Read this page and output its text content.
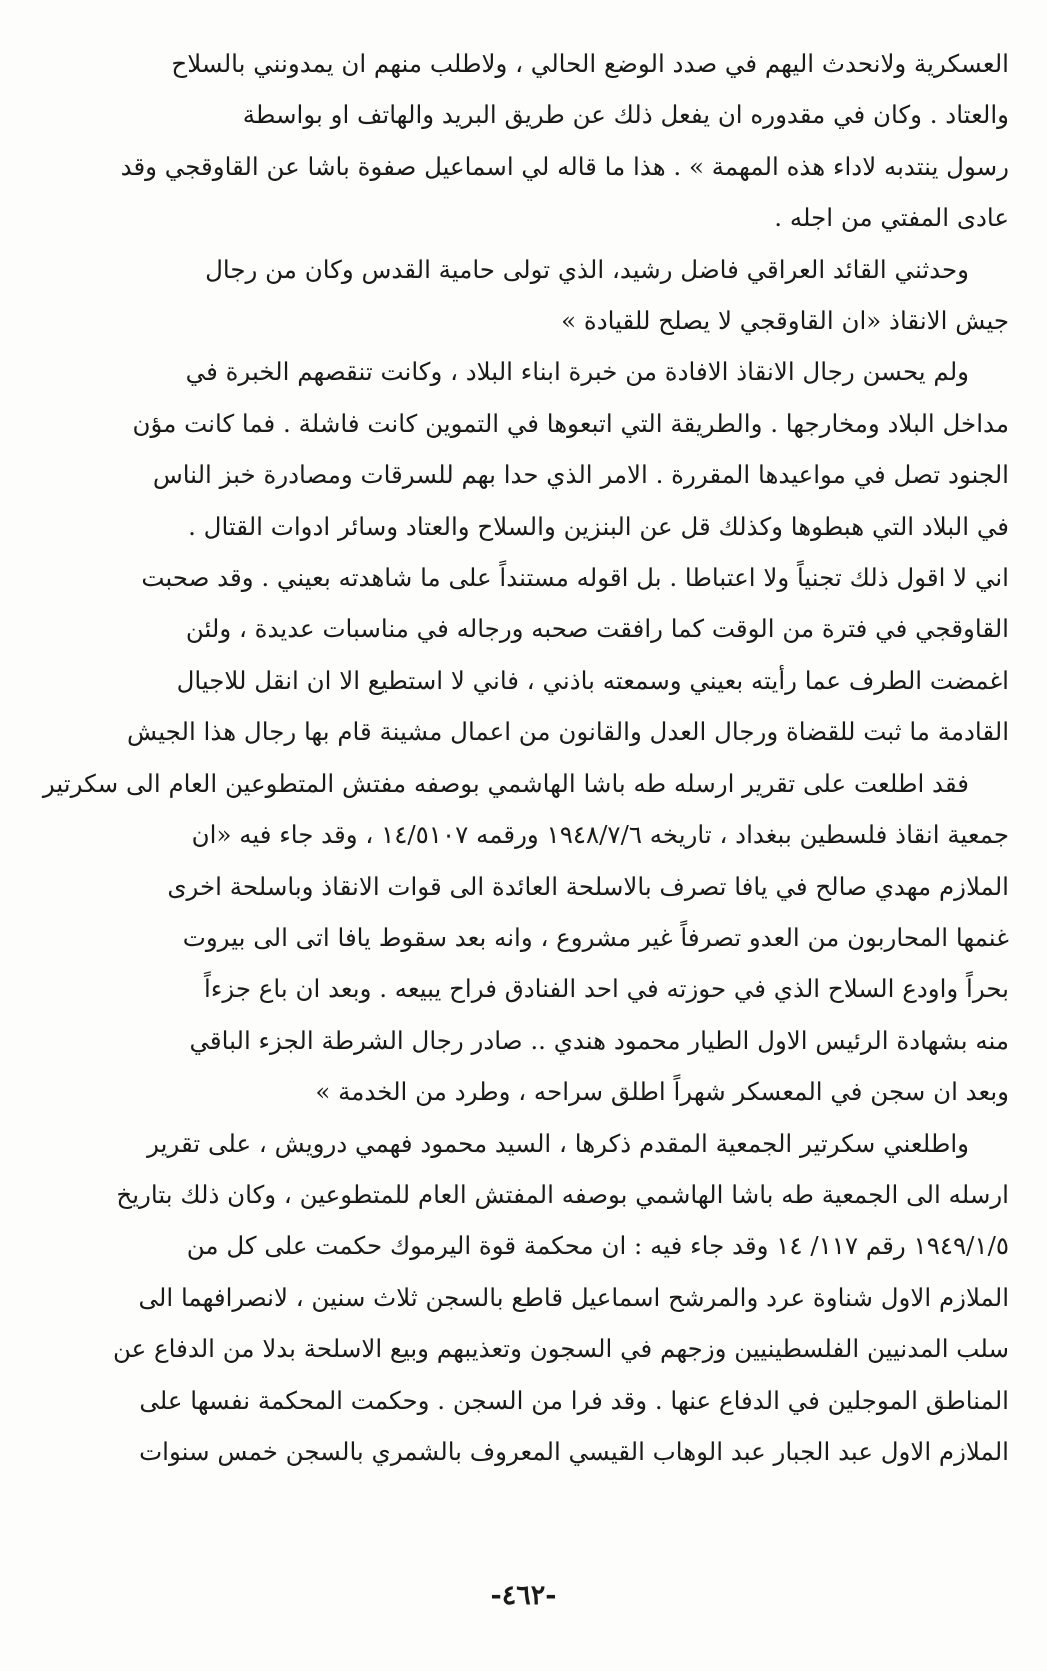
العسكرية ولانحدث اليهم في صدد الوضع الحالي ، ولاطلب منهم ان يمدونني بالسلاح
والعتاد . وكان في مقدوره ان يفعل ذلك عن طريق البريد والهاتف او بواسطة
رسول ينتدبه لاداء هذه المهمة » . هذا ما قاله لي اسماعيل صفوة باشا عن القاوقجي وقد
عادى المفتي من اجله .

وحدثني القائد العراقي فاضل رشيد، الذي تولى حامية القدس وكان من رجال
جيش الانقاذ «ان القاوقجي لا يصلح للقيادة »

ولم يحسن رجال الانقاذ الافادة من خبرة ابناء البلاد ، وكانت تنقصهم الخبرة في
مداخل البلاد ومخارجها . والطريقة التي اتبعوها في التموين كانت فاشلة . فما كانت مؤن
الجنود تصل في مواعيدها المقررة . الامر الذي حدا بهم للسرقات ومصادرة خبز الناس
في البلاد التي هبطوها وكذلك قل عن البنزين والسلاح والعتاد وسائر ادوات القتال .
اني لا اقول ذلك تجنياً ولا اعتباطا . بل اقوله مستنداً على ما شاهدته بعيني . وقد صحبت
القاوقجي في فترة من الوقت كما رافقت صحبه ورجاله في مناسبات عديدة ، ولئن
اغمضت الطرف عما رأيته بعيني وسمعته باذني ، فاني لا استطيع الا ان انقل للاجيال
القادمة ما ثبت للقضاة ورجال العدل والقانون من اعمال مشينة قام بها رجال هذا الجيش

فقد اطلعت على تقرير ارسله طه باشا الهاشمي بوصفه مفتش المتطوعين العام الى سكرتير
جمعية انقاذ فلسطين ببغداد ، تاريخه ١٩٤٨/٧/٦ ورقمه ١٤/٥١٠٧ ، وقد جاء فيه «ان
الملازم مهدي صالح في يافا تصرف بالاسلحة العائدة الى قوات الانقاذ وباسلحة اخرى
غنمها المحاربون من العدو تصرفاً غير مشروع ، وانه بعد سقوط يافا اتى الى بيروت
بحراً واودع السلاح الذي في حوزته في احد الفنادق فراح يبيعه . وبعد ان باع جزءاً
منه بشهادة الرئيس الاول الطيار محمود هندي .. صادر رجال الشرطة الجزء الباقي
وبعد ان سجن في المعسكر شهراً اطلق سراحه ، وطرد من الخدمة »

واطلعني سكرتير الجمعية المقدم ذكرها ، السيد محمود فهمي درويش ، على تقرير
ارسله الى الجمعية طه باشا الهاشمي بوصفه المفتش العام للمتطوعين ، وكان ذلك بتاريخ
١٩٤٩/١/٥ رقم ١١٧/ ١٤ وقد جاء فيه : ان محكمة قوة اليرموك حكمت على كل من
الملازم الاول شناوة عرد والمرشح اسماعيل قاطع بالسجن ثلاث سنين ، لانصرافهما الى
سلب المدنيين الفلسطينيين وزجهم في السجون وتعذيبهم وبيع الاسلحة بدلا من الدفاع عن
المناطق الموجلين في الدفاع عنها . وقد فرا من السجن . وحكمت المحكمة نفسها على
الملازم الاول عبد الجبار عبد الوهاب القيسي المعروف بالشمري بالسجن خمس سنوات

-٤٦٢-
